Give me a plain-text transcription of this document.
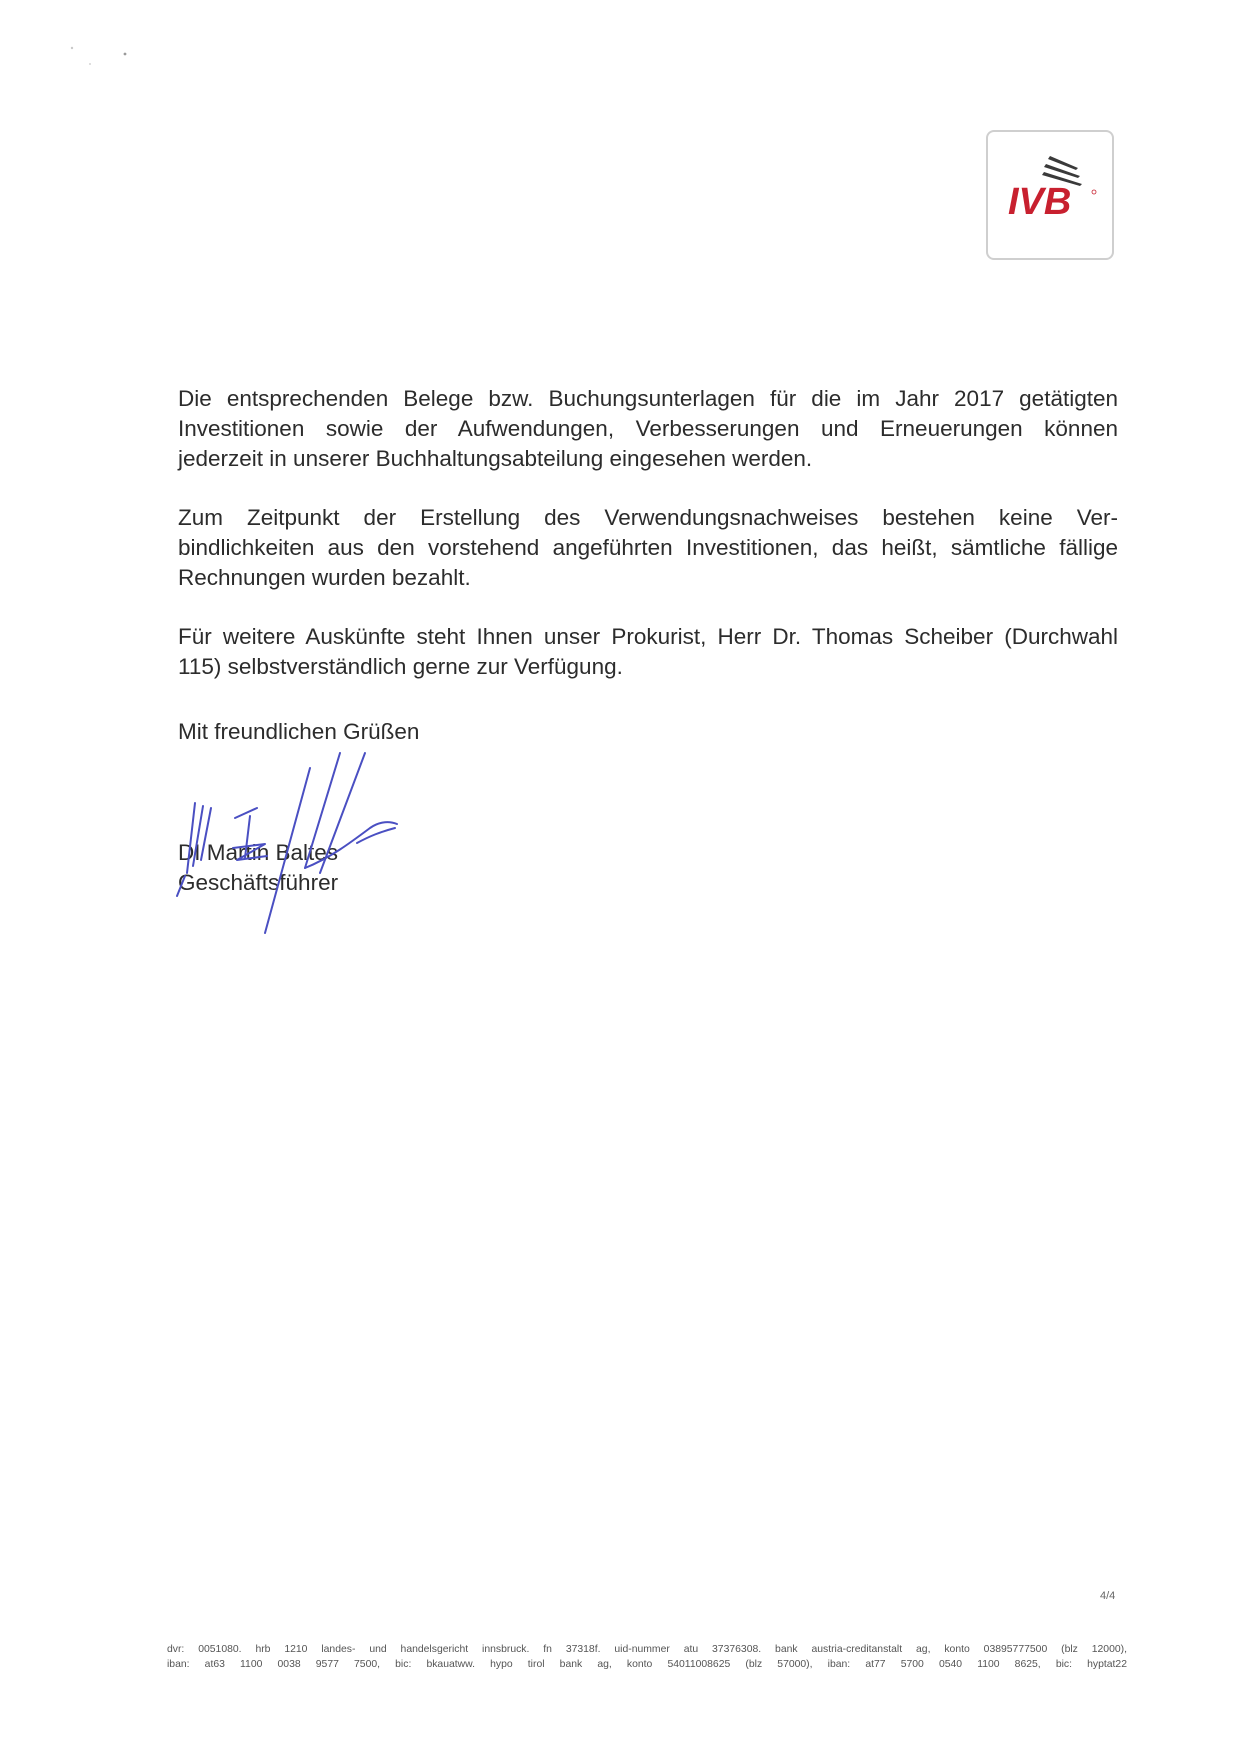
IVB

Die entsprechenden Belege bzw. Buchungsunterlagen für die im Jahr 2017 getätigten
Investitionen sowie der Aufwendungen, Verbesserungen und Erneuerungen können
jederzeit in unserer Buchhaltungsabteilung eingesehen werden.

Zum Zeitpunkt der Erstellung des Verwendungsnachweises bestehen keine Ver-
bindlichkeiten aus den vorstehend angeführten Investitionen, das heißt, sämtliche fällige
Rechnungen wurden bezahlt.

Für weitere Auskünfte steht Ihnen unser Prokurist, Herr Dr. Thomas Scheiber (Durchwahl
115) selbstverständlich gerne zur Verfügung.

Mit freundlichen Grüßen
DI Martin Baltes
Geschäftsführer
4/4
dvr: 0051080. hrb 1210 landes- und handelsgericht innsbruck. fn 37318f. uid-nummer atu 37376308. bank austria-creditanstalt ag, konto 03895777500 (blz 12000),
iban: at63 1100 0038 9577 7500, bic: bkauatww. hypo tirol bank ag, konto 54011008625 (blz 57000), iban: at77 5700 0540 1100 8625, bic: hyptat22
